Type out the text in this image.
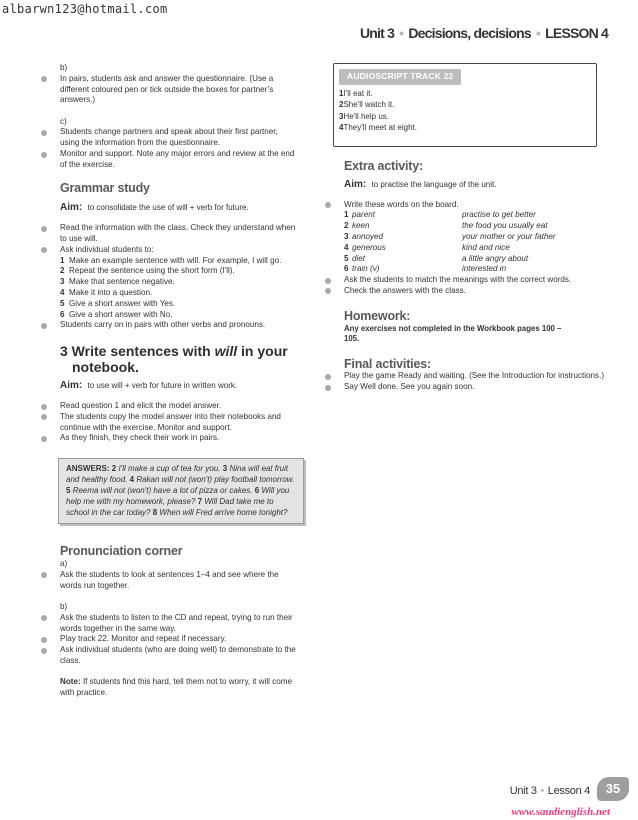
albarwn123@hotmail.com
Unit 3 • Decisions, decisions • LESSON 4
b)
In pairs, students ask and answer the questionnaire. (Use a different coloured pen or tick outside the boxes for partner’s answers.)
c)
Students change partners and speak about their first partner, using the information from the questionnaire.
Monitor and support. Note any major errors and review at the end of the exercise.
Grammar study
Aim: to consolidate the use of will + verb for future.
Read the information with the class. Check they understand when to use will.
Ask individual students to:
1 Make an example sentence with will. For example, I will go.
2 Repeat the sentence using the short form (I'll).
3 Make that sentence negative.
4 Make it into a question.
5 Give a short answer with Yes.
6 Give a short answer with No.
Students carry on in pairs with other verbs and pronouns.
3 Write sentences with will in your notebook.
Aim: to use will + verb for future in written work.
Read question 1 and elicit the model answer.
The students copy the model answer into their notebooks and continue with the exercise. Monitor and support.
As they finish, they check their work in pairs.
ANSWERS: 2 I'll make a cup of tea for you. 3 Nina will eat fruit and healthy food. 4 Rakan will not (won't) play football tomorrow. 5 Reema will not (won't) have a lot of pizza or cakes. 6 Will you help me with my homework, please? 7 Will Dad take me to school in the car today? 8 When will Fred arrive home tonight?
Pronunciation corner
a)
Ask the students to look at sentences 1–4 and see where the words run together.
b)
Ask the students to listen to the CD and repeat, trying to run their words together in the same way.
Play track 22. Monitor and repeat if necessary.
Ask individual students (who are doing well) to demonstrate to the class.
Note: If students find this hard, tell them not to worry, it will come with practice.
AUDIOSCRIPT TRACK 22
1I'll eat it.
2She'll watch it.
3He'll help us.
4They'll meet at eight.
Extra activity:
Aim: to practise the language of the unit.
Write these words on the board.
1 parent	practise to get better
2 keen	the food you usually eat
3 annoyed	your mother or your father
4 generous	kind and nice
5 diet	a little angry about
6 train (v)	interested in
Ask the students to match the meanings with the correct words.
Check the answers with the class.
Homework:
Any exercises not completed in the Workbook pages 100 – 105.
Final activities:
Play the game Ready and waiting. (See the Introduction for instructions.)
Say Well done. See you again soon.
Unit 3 • Lesson 4	35
www.saudienglish.net
